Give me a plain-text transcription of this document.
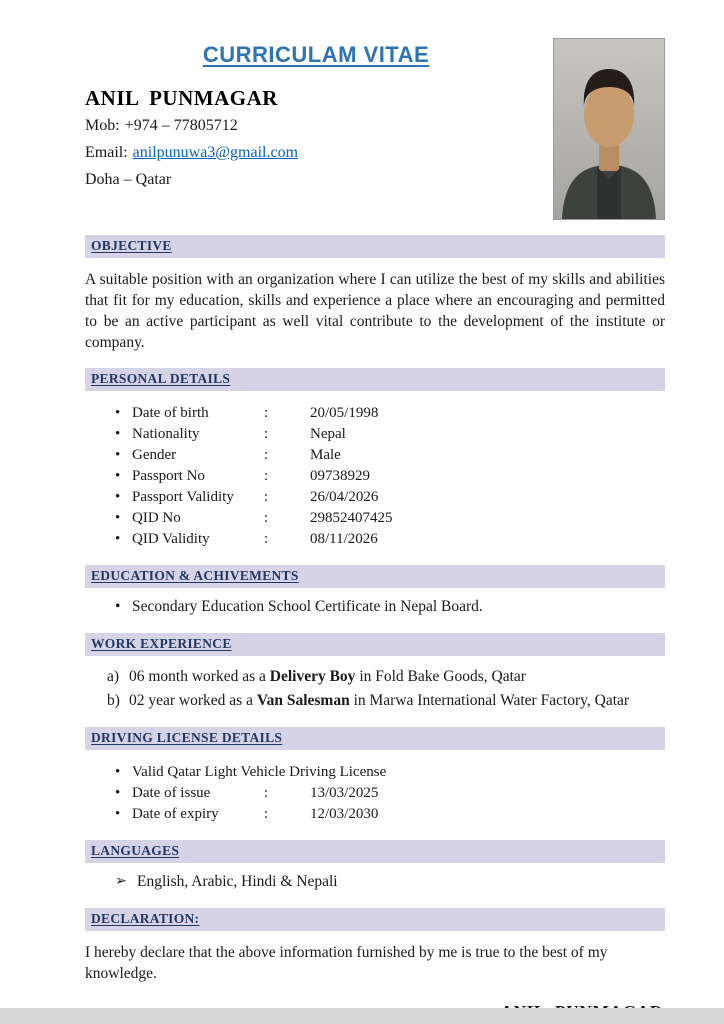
CURRICULAM VITAE
ANIL PUNMAGAR

Mob: +974 – 77805712

Email: anilpunuwa3@gmail.com

Doha – Qatar

OBJECTIVE

A suitable position with an organization where I can utilize the best of my skills and abilities that fit for my education, skills and experience a place where an encouraging and permitted to be an active participant as well vital contribute to the development of the institute or company.

PERSONAL DETAILS
• Date of birth	:	20/05/1998
• Nationality	:	Nepal
• Gender	:	Male
• Passport No	:	09738929
• Passport Validity	:	26/04/2026
• QID No	:	29852407425
• QID Validity	:	08/11/2026
EDUCATION & ACHIVEMENTS
• Secondary Education School Certificate in Nepal Board.
WORK EXPERIENCE
a) 06 month worked as a Delivery Boy in Fold Bake Goods, Qatar
b) 02 year worked as a Van Salesman in Marwa International Water Factory, Qatar
DRIVING LICENSE DETAILS
• Valid Qatar Light Vehicle Driving License
• Date of issue	:	13/03/2025
• Date of expiry	:	12/03/2030
LANGUAGES
➢ English, Arabic, Hindi & Nepali
DECLARATION:

I hereby declare that the above information furnished by me is true to the best of my knowledge.
